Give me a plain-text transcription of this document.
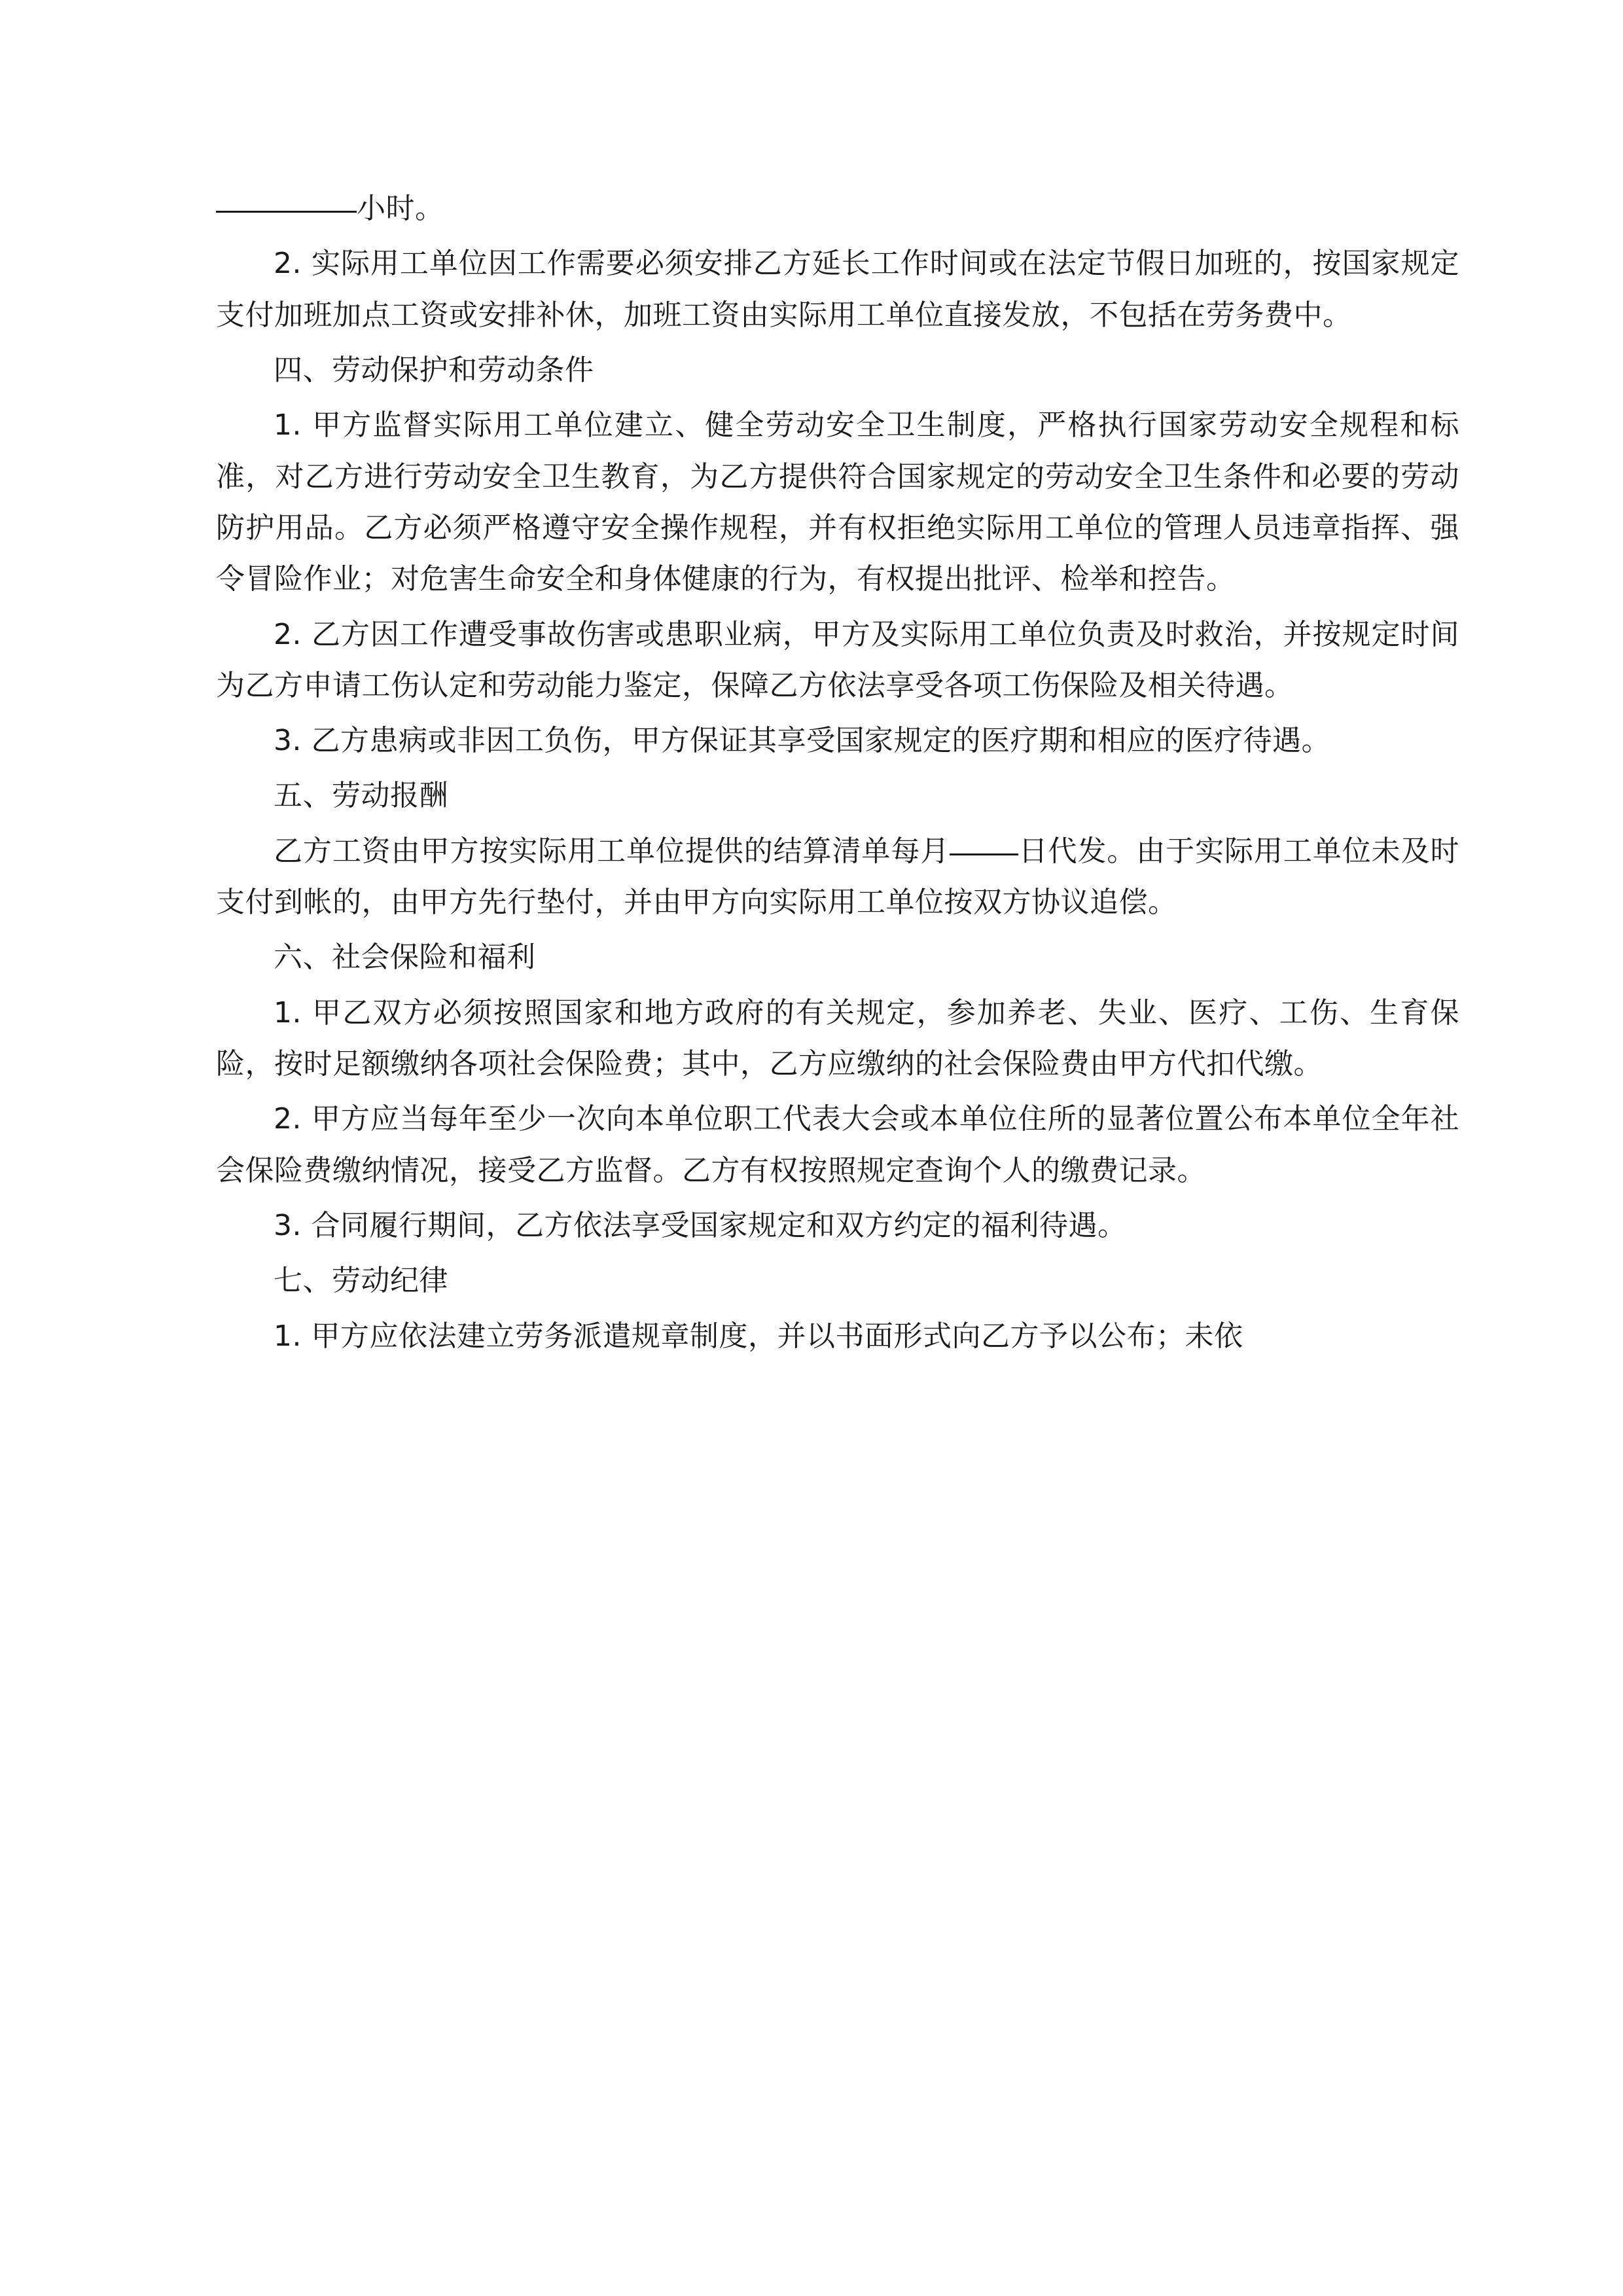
小时。

2. 实际用工单位因工作需要必须安排乙方延长工作时间或在法定节假日加班的，按国家规定支付加班加点工资或安排补休，加班工资由实际用工单位直接发放，不包括在劳务费中。

四、劳动保护和劳动条件

1. 甲方监督实际用工单位建立、健全劳动安全卫生制度，严格执行国家劳动安全规程和标准，对乙方进行劳动安全卫生教育，为乙方提供符合国家规定的劳动安全卫生条件和必要的劳动防护用品。乙方必须严格遵守安全操作规程，并有权拒绝实际用工单位的管理人员违章指挥、强令冒险作业；对危害生命安全和身体健康的行为，有权提出批评、检举和控告。

2. 乙方因工作遭受事故伤害或患职业病，甲方及实际用工单位负责及时救治，并按规定时间为乙方申请工伤认定和劳动能力鉴定，保障乙方依法享受各项工伤保险及相关待遇。

3. 乙方患病或非因工负伤，甲方保证其享受国家规定的医疗期和相应的医疗待遇。

五、劳动报酬

乙方工资由甲方按实际用工单位提供的结算清单每月 日代发。由于实际用工单位未及时支付到帐的，由甲方先行垫付，并由甲方向实际用工单位按双方协议追偿。

六、社会保险和福利

1. 甲乙双方必须按照国家和地方政府的有关规定，参加养老、失业、医疗、工伤、生育保险，按时足额缴纳各项社会保险费；其中，乙方应缴纳的社会保险费由甲方代扣代缴。

2. 甲方应当每年至少一次向本单位职工代表大会或本单位住所的显著位置公布本单位全年社会保险费缴纳情况，接受乙方监督。乙方有权按照规定查询个人的缴费记录。

3. 合同履行期间，乙方依法享受国家规定和双方约定的福利待遇。

七、劳动纪律

1. 甲方应依法建立劳务派遣规章制度，并以书面形式向乙方予以公布；未依
